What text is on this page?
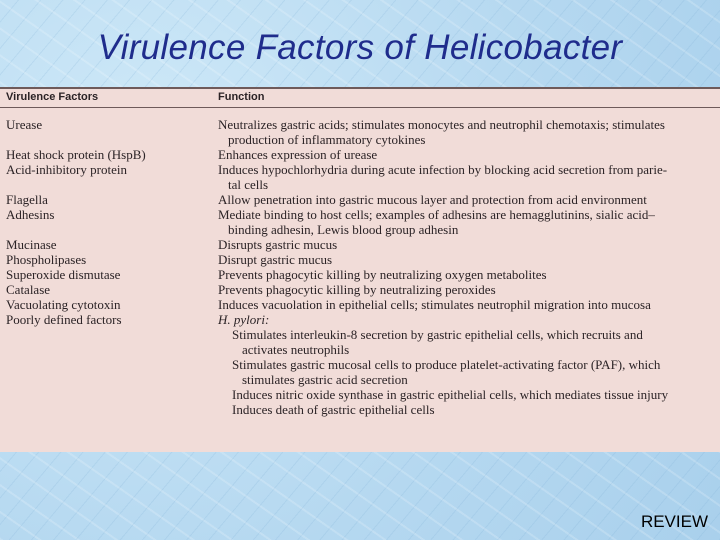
Virulence Factors of Helicobacter
Virulence Factors	Function
Urease
Heat shock protein (HspB)
Acid-inhibitory protein
Flagella
Adhesins
Mucinase
Phospholipases
Superoxide dismutase
Catalase
Vacuolating cytotoxin
Poorly defined factors
Neutralizes gastric acids; stimulates monocytes and neutrophil chemotaxis; stimulates
production of inflammatory cytokines
Enhances expression of urease
Induces hypochlorhydria during acute infection by blocking acid secretion from parie-
tal cells
Allow penetration into gastric mucous layer and protection from acid environment
Mediate binding to host cells; examples of adhesins are hemagglutinins, sialic acid–
binding adhesin, Lewis blood group adhesin
Disrupts gastric mucus
Disrupt gastric mucus
Prevents phagocytic killing by neutralizing oxygen metabolites
Prevents phagocytic killing by neutralizing peroxides
Induces vacuolation in epithelial cells; stimulates neutrophil migration into mucosa
H. pylori:
Stimulates interleukin-8 secretion by gastric epithelial cells, which recruits and
activates neutrophils
Stimulates gastric mucosal cells to produce platelet-activating factor (PAF), which
stimulates gastric acid secretion
Induces nitric oxide synthase in gastric epithelial cells, which mediates tissue injury
Induces death of gastric epithelial cells
REVIEW
